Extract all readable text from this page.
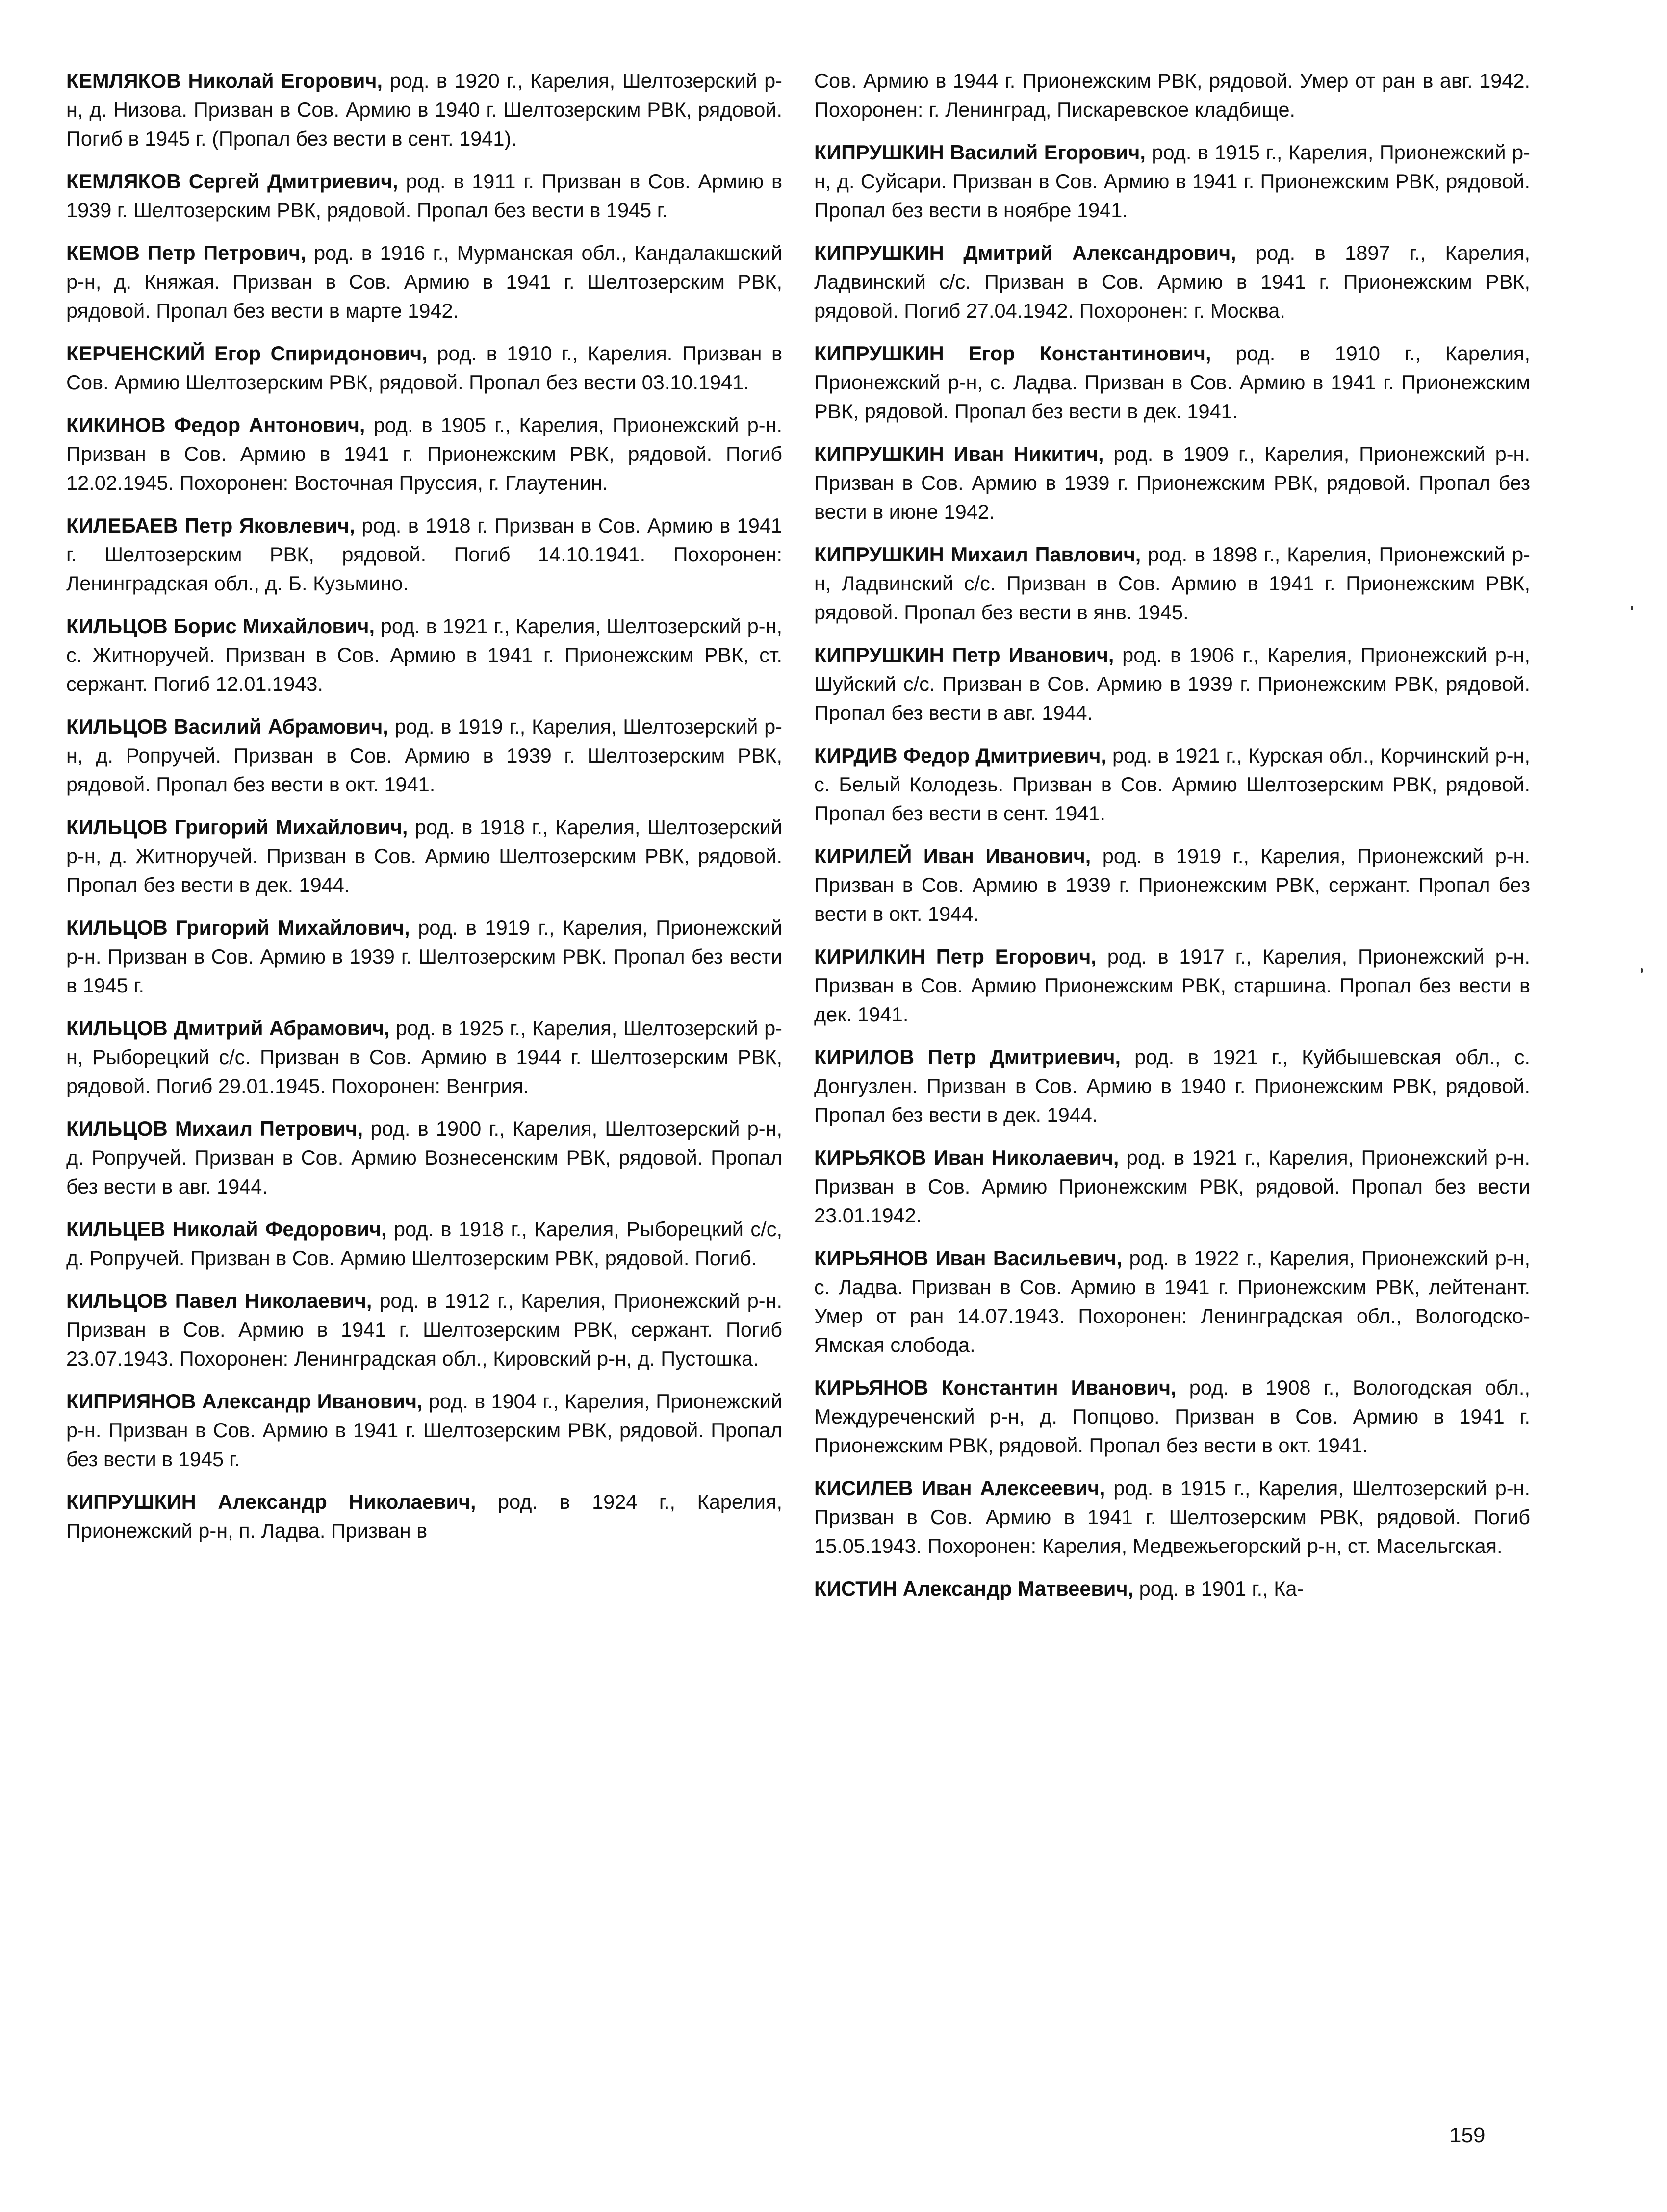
КЕМЛЯКОВ Николай Егорович, род. в 1920 г., Карелия, Шелтозерский р-н, д. Низова. Призван в Сов. Армию в 1940 г. Шелтозерским РВК, рядовой. Погиб в 1945 г. (Пропал без вести в сент. 1941).

КЕМЛЯКОВ Сергей Дмитриевич, род. в 1911 г. Призван в Сов. Армию в 1939 г. Шелтозерским РВК, рядовой. Пропал без вести в 1945 г.

КЕМОВ Петр Петрович, род. в 1916 г., Мурманская обл., Кандалакшский р-н, д. Княжая. Призван в Сов. Армию в 1941 г. Шелтозерским РВК, рядовой. Пропал без вести в марте 1942.

КЕРЧЕНСКИЙ Егор Спиридонович, род. в 1910 г., Карелия. Призван в Сов. Армию Шелтозерским РВК, рядовой. Пропал без вести 03.10.1941.

КИКИНОВ Федор Антонович, род. в 1905 г., Карелия, Прионежский р-н. Призван в Сов. Армию в 1941 г. Прионежским РВК, рядовой. Погиб 12.02.1945. Похоронен: Восточная Пруссия, г. Глаутенин.

КИЛЕБАЕВ Петр Яковлевич, род. в 1918 г. Призван в Сов. Армию в 1941 г. Шелтозерским РВК, рядовой. Погиб 14.10.1941. Похоронен: Ленинградская обл., д. Б. Кузьмино.

КИЛЬЦОВ Борис Михайлович, род. в 1921 г., Карелия, Шелтозерский р-н, с. Житноручей. Призван в Сов. Армию в 1941 г. Прионежским РВК, ст. сержант. Погиб 12.01.1943.

КИЛЬЦОВ Василий Абрамович, род. в 1919 г., Карелия, Шелтозерский р-н, д. Ропручей. Призван в Сов. Армию в 1939 г. Шелтозерским РВК, рядовой. Пропал без вести в окт. 1941.

КИЛЬЦОВ Григорий Михайлович, род. в 1918 г., Карелия, Шелтозерский р-н, д. Житноручей. Призван в Сов. Армию Шелтозерским РВК, рядовой. Пропал без вести в дек. 1944.

КИЛЬЦОВ Григорий Михайлович, род. в 1919 г., Карелия, Прионежский р-н. Призван в Сов. Армию в 1939 г. Шелтозерским РВК. Пропал без вести в 1945 г.

КИЛЬЦОВ Дмитрий Абрамович, род. в 1925 г., Карелия, Шелтозерский р-н, Рыборецкий с/с. Призван в Сов. Армию в 1944 г. Шелтозерским РВК, рядовой. Погиб 29.01.1945. Похоронен: Венгрия.

КИЛЬЦОВ Михаил Петрович, род. в 1900 г., Карелия, Шелтозерский р-н, д. Ропручей. Призван в Сов. Армию Вознесенским РВК, рядовой. Пропал без вести в авг. 1944.

КИЛЬЦЕВ Николай Федорович, род. в 1918 г., Карелия, Рыборецкий с/с, д. Ропручей. Призван в Сов. Армию Шелтозерским РВК, рядовой. Погиб.

КИЛЬЦОВ Павел Николаевич, род. в 1912 г., Карелия, Прионежский р-н. Призван в Сов. Армию в 1941 г. Шелтозерским РВК, сержант. Погиб 23.07.1943. Похоронен: Ленинградская обл., Кировский р-н, д. Пустошка.

КИПРИЯНОВ Александр Иванович, род. в 1904 г., Карелия, Прионежский р-н. Призван в Сов. Армию в 1941 г. Шелтозерским РВК, рядовой. Пропал без вести в 1945 г.

КИПРУШКИН Александр Николаевич, род. в 1924 г., Карелия, Прионежский р-н, п. Ладва. Призван в

Сов. Армию в 1944 г. Прионежским РВК, рядовой. Умер от ран в авг. 1942. Похоронен: г. Ленинград, Пискаревское кладбище.

КИПРУШКИН Василий Егорович, род. в 1915 г., Карелия, Прионежский р-н, д. Суйсари. Призван в Сов. Армию в 1941 г. Прионежским РВК, рядовой. Пропал без вести в ноябре 1941.

КИПРУШКИН Дмитрий Александрович, род. в 1897 г., Карелия, Ладвинский с/с. Призван в Сов. Армию в 1941 г. Прионежским РВК, рядовой. Погиб 27.04.1942. Похоронен: г. Москва.

КИПРУШКИН Егор Константинович, род. в 1910 г., Карелия, Прионежский р-н, с. Ладва. Призван в Сов. Армию в 1941 г. Прионежским РВК, рядовой. Пропал без вести в дек. 1941.

КИПРУШКИН Иван Никитич, род. в 1909 г., Карелия, Прионежский р-н. Призван в Сов. Армию в 1939 г. Прионежским РВК, рядовой. Пропал без вести в июне 1942.

КИПРУШКИН Михаил Павлович, род. в 1898 г., Карелия, Прионежский р-н, Ладвинский с/с. Призван в Сов. Армию в 1941 г. Прионежским РВК, рядовой. Пропал без вести в янв. 1945.

КИПРУШКИН Петр Иванович, род. в 1906 г., Карелия, Прионежский р-н, Шуйский с/с. Призван в Сов. Армию в 1939 г. Прионежским РВК, рядовой. Пропал без вести в авг. 1944.

КИРДИВ Федор Дмитриевич, род. в 1921 г., Курская обл., Корчинский р-н, с. Белый Колодезь. Призван в Сов. Армию Шелтозерским РВК, рядовой. Пропал без вести в сент. 1941.

КИРИЛЕЙ Иван Иванович, род. в 1919 г., Карелия, Прионежский р-н. Призван в Сов. Армию в 1939 г. Прионежским РВК, сержант. Пропал без вести в окт. 1944.

КИРИЛКИН Петр Егорович, род. в 1917 г., Карелия, Прионежский р-н. Призван в Сов. Армию Прионежским РВК, старшина. Пропал без вести в дек. 1941.

КИРИЛОВ Петр Дмитриевич, род. в 1921 г., Куйбышевская обл., с. Донгузлен. Призван в Сов. Армию в 1940 г. Прионежским РВК, рядовой. Пропал без вести в дек. 1944.

КИРЬЯКОВ Иван Николаевич, род. в 1921 г., Карелия, Прионежский р-н. Призван в Сов. Армию Прионежским РВК, рядовой. Пропал без вести 23.01.1942.

КИРЬЯНОВ Иван Васильевич, род. в 1922 г., Карелия, Прионежский р-н, с. Ладва. Призван в Сов. Армию в 1941 г. Прионежским РВК, лейтенант. Умер от ран 14.07.1943. Похоронен: Ленинградская обл., Вологодско-Ямская слобода.

КИРЬЯНОВ Константин Иванович, род. в 1908 г., Вологодская обл., Междуреченский р-н, д. Попцово. Призван в Сов. Армию в 1941 г. Прионежским РВК, рядовой. Пропал без вести в окт. 1941.

КИСИЛЕВ Иван Алексеевич, род. в 1915 г., Карелия, Шелтозерский р-н. Призван в Сов. Армию в 1941 г. Шелтозерским РВК, рядовой. Погиб 15.05.1943. Похоронен: Карелия, Медвежьегорский р-н, ст. Масельгская.

КИСТИН Александр Матвеевич, род. в 1901 г., Ка-

159
